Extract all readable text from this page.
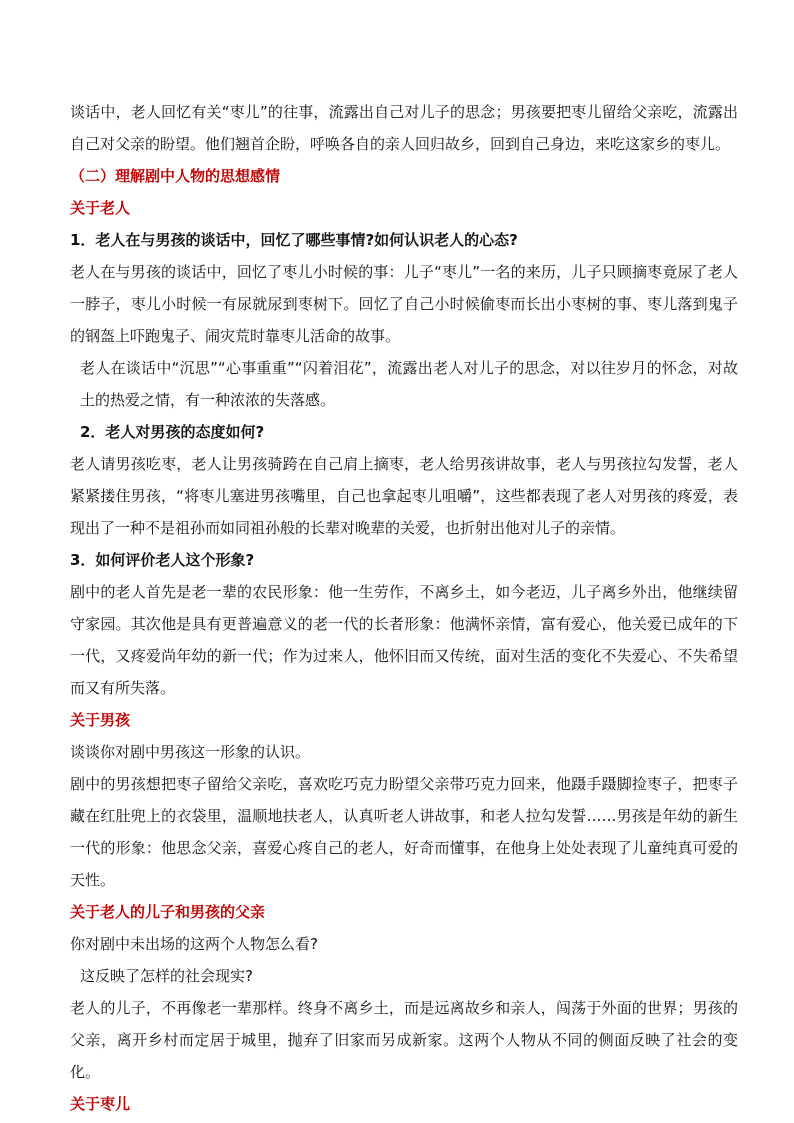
谈话中，老人回忆有关“枣儿”的往事，流露出自己对儿子的思念；男孩要把枣儿留给父亲吃，流露出自己对父亲的盼望。他们翘首企盼，呼唤各自的亲人回归故乡，回到自己身边，来吃这家乡的枣儿。

（二）理解剧中人物的思想感情

关于老人

1．老人在与男孩的谈话中，回忆了哪些事情?如何认识老人的心态?

老人在与男孩的谈话中，回忆了枣儿小时候的事：儿子“枣儿”一名的来历，儿子只顾摘枣竟尿了老人一脖子，枣儿小时候一有尿就尿到枣树下。回忆了自己小时候偷枣而长出小枣树的事、枣儿落到鬼子的钢盔上吓跑鬼子、闹灾荒时靠枣儿活命的故事。

老人在谈话中“沉思”“心事重重”“闪着泪花”，流露出老人对儿子的思念，对以往岁月的怀念，对故土的热爱之情，有一种浓浓的失落感。

2．老人对男孩的态度如何?

老人请男孩吃枣，老人让男孩骑跨在自己肩上摘枣，老人给男孩讲故事，老人与男孩拉勾发誓，老人紧紧搂住男孩，“将枣儿塞进男孩嘴里，自己也拿起枣儿咀嚼”，这些都表现了老人对男孩的疼爱，表现出了一种不是祖孙而如同祖孙般的长辈对晚辈的关爱，也折射出他对儿子的亲情。

3．如何评价老人这个形象?

剧中的老人首先是老一辈的农民形象：他一生劳作，不离乡土，如今老迈，儿子离乡外出，他继续留守家园。其次他是具有更普遍意义的老一代的长者形象：他满怀亲情，富有爱心，他关爱已成年的下一代，又疼爱尚年幼的新一代；作为过来人，他怀旧而又传统，面对生活的变化不失爱心、不失希望而又有所失落。

关于男孩

谈谈你对剧中男孩这一形象的认识。

剧中的男孩想把枣子留给父亲吃，喜欢吃巧克力盼望父亲带巧克力回来，他蹑手蹑脚捡枣子，把枣子藏在红肚兜上的衣袋里，温顺地扶老人，认真听老人讲故事，和老人拉勾发誓……男孩是年幼的新生一代的形象：他思念父亲，喜爱心疼自己的老人，好奇而懂事，在他身上处处表现了儿童纯真可爱的天性。

关于老人的儿子和男孩的父亲

你对剧中未出场的这两个人物怎么看?

这反映了怎样的社会现实?

老人的儿子，不再像老一辈那样。终身不离乡土，而是远离故乡和亲人，闯荡于外面的世界；男孩的父亲，离开乡村而定居于城里，抛弃了旧家而另成新家。这两个人物从不同的侧面反映了社会的变化。

关于枣儿
